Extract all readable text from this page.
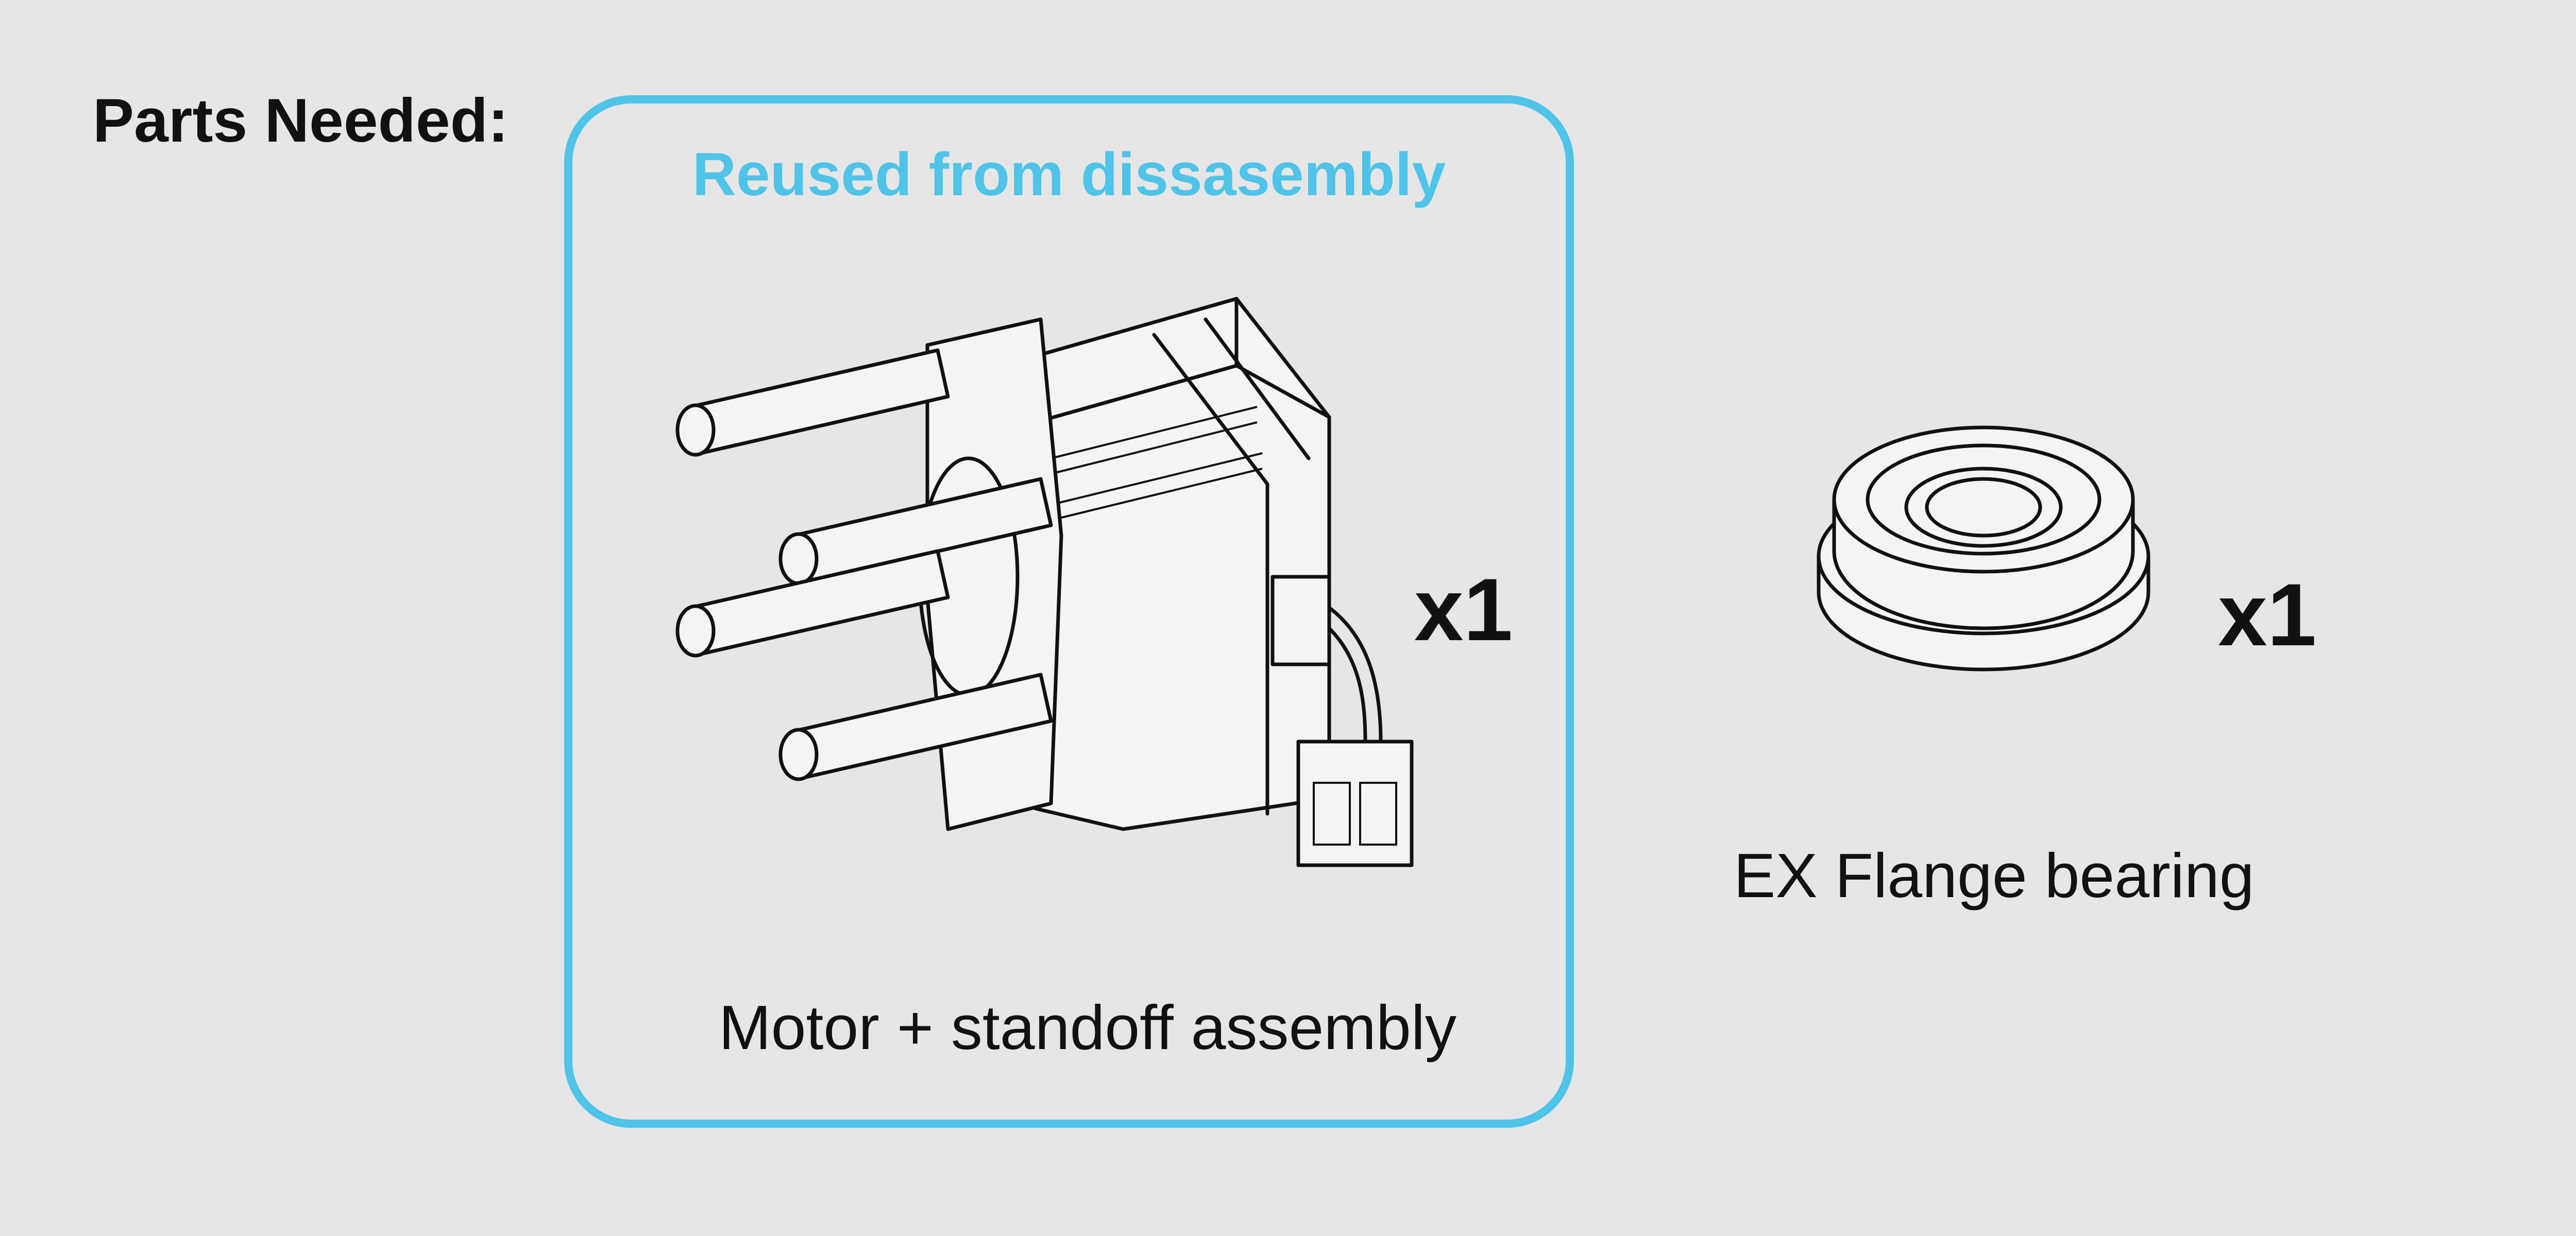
Parts Needed:
Reused from dissasembly
x1
Motor + standoff assembly
x1
EX Flange bearing
